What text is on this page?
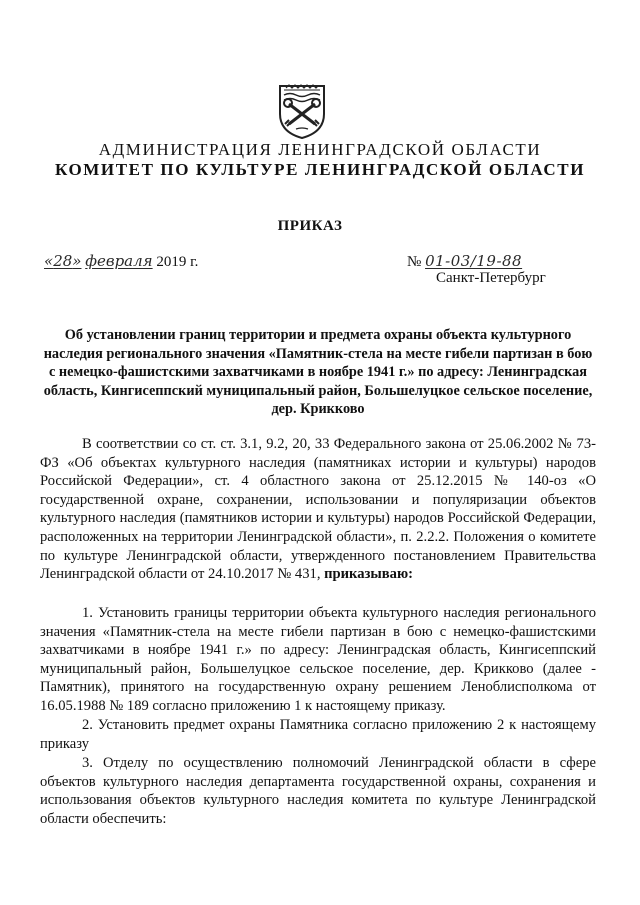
АДМИНИСТРАЦИЯ ЛЕНИНГРАДСКОЙ ОБЛАСТИ
КОМИТЕТ ПО КУЛЬТУРЕ ЛЕНИНГРАДСКОЙ ОБЛАСТИ
ПРИКАЗ
«28» февраля 2019 г.	№ 01-03/19-88
Санкт-Петербург
Об установлении границ территории и предмета охраны объекта культурного наследия регионального значения «Памятник-стела на месте гибели партизан в бою с немецко-фашистскими захватчиками в ноябре 1941 г.» по адресу: Ленинградская область, Кингисеппский муниципальный район, Большелуцкое сельское поселение, дер. Крикково

В соответствии со ст. ст. 3.1, 9.2, 20, 33 Федерального закона от 25.06.2002 № 73-ФЗ «Об объектах культурного наследия (памятниках истории и культуры) народов Российской Федерации», ст. 4 областного закона от 25.12.2015 № 140-оз «О государственной охране, сохранении, использовании и популяризации объектов культурного наследия (памятников истории и культуры) народов Российской Федерации, расположенных на территории Ленинградской области», п. 2.2.2. Положения о комитете по культуре Ленинградской области, утвержденного постановлением Правительства Ленинградской области от 24.10.2017 № 431, приказываю:

1. Установить границы территории объекта культурного наследия регионального значения «Памятник-стела на месте гибели партизан в бою с немецко-фашистскими захватчиками в ноябре 1941 г.» по адресу: Ленинградская область, Кингисеппский муниципальный район, Большелуцкое сельское поселение, дер. Крикково (далее - Памятник), принятого на государственную охрану решением Леноблисполкома от 16.05.1988 № 189 согласно приложению 1 к настоящему приказу.

2. Установить предмет охраны Памятника согласно приложению 2 к настоящему приказу

3. Отделу по осуществлению полномочий Ленинградской области в сфере объектов культурного наследия департамента государственной охраны, сохранения и использования объектов культурного наследия комитета по культуре Ленинградской области обеспечить:
